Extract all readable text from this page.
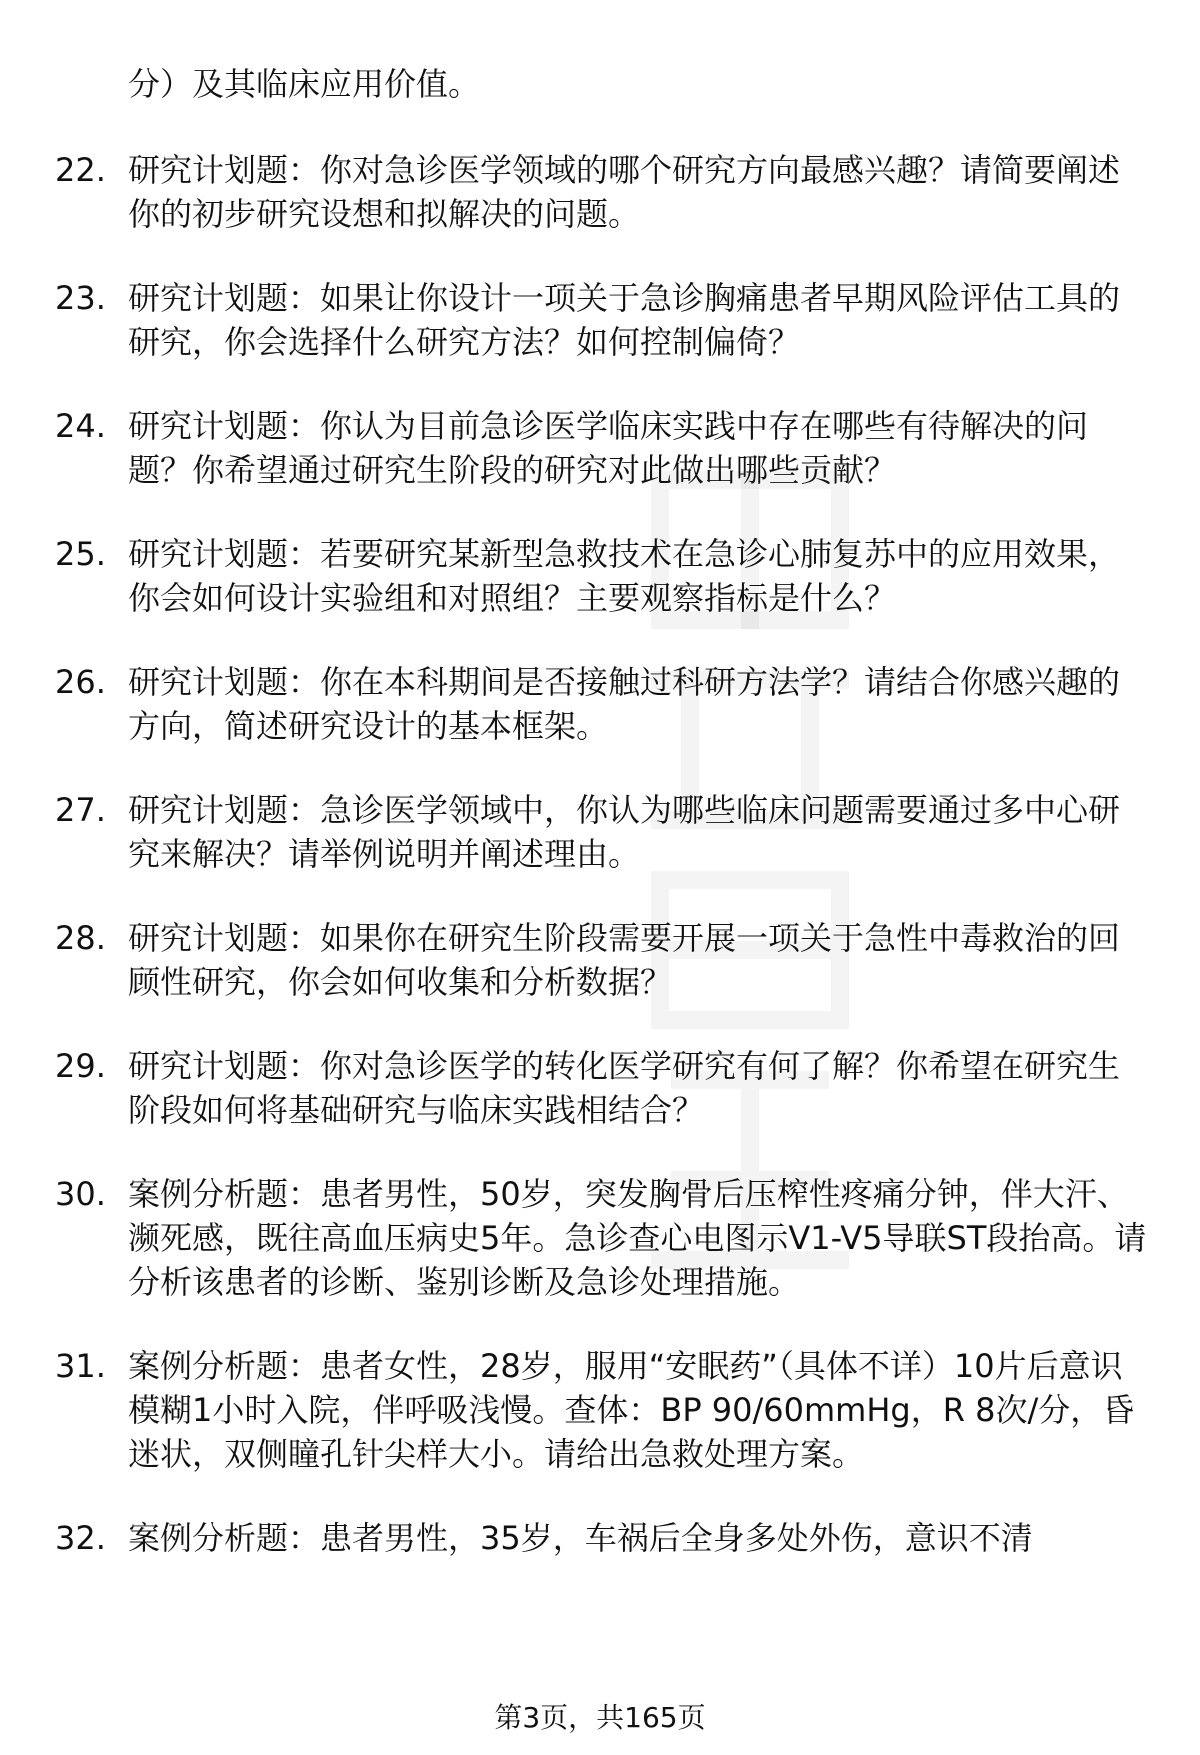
分）及其临床应用价值。
22. 研究计划题：你对急诊医学领域的哪个研究方向最感兴趣？请简要阐述你的初步研究设想和拟解决的问题。
23. 研究计划题：如果让你设计一项关于急诊胸痛患者早期风险评估工具的研究，你会选择什么研究方法？如何控制偏倚？
24. 研究计划题：你认为目前急诊医学临床实践中存在哪些有待解决的问题？你希望通过研究生阶段的研究对此做出哪些贡献？
25. 研究计划题：若要研究某新型急救技术在急诊心肺复苏中的应用效果，你会如何设计实验组和对照组？主要观察指标是什么？
26. 研究计划题：你在本科期间是否接触过科研方法学？请结合你感兴趣的方向，简述研究设计的基本框架。
27. 研究计划题：急诊医学领域中，你认为哪些临床问题需要通过多中心研究来解决？请举例说明并阐述理由。
28. 研究计划题：如果你在研究生阶段需要开展一项关于急性中毒救治的回顾性研究，你会如何收集和分析数据？
29. 研究计划题：你对急诊医学的转化医学研究有何了解？你希望在研究生阶段如何将基础研究与临床实践相结合？
30. 案例分析题：患者男性，50岁，突发胸骨后压榨性疼痛分钟，伴大汗、濒死感，既往高血压病史5年。急诊查心电图示V1-V5导联ST段抬高。请分析该患者的诊断、鉴别诊断及急诊处理措施。
31. 案例分析题：患者女性，28岁，服用“安眠药”（具体不详）10片后意识模糊1小时入院，伴呼吸浅慢。查体：BP 90/60mmHg，R 8次/分，昏迷状，双侧瞳孔针尖样大小。请给出急救处理方案。
32. 案例分析题：患者男性，35岁，车祸后全身多处外伤，意识不清
第3页，共165页
